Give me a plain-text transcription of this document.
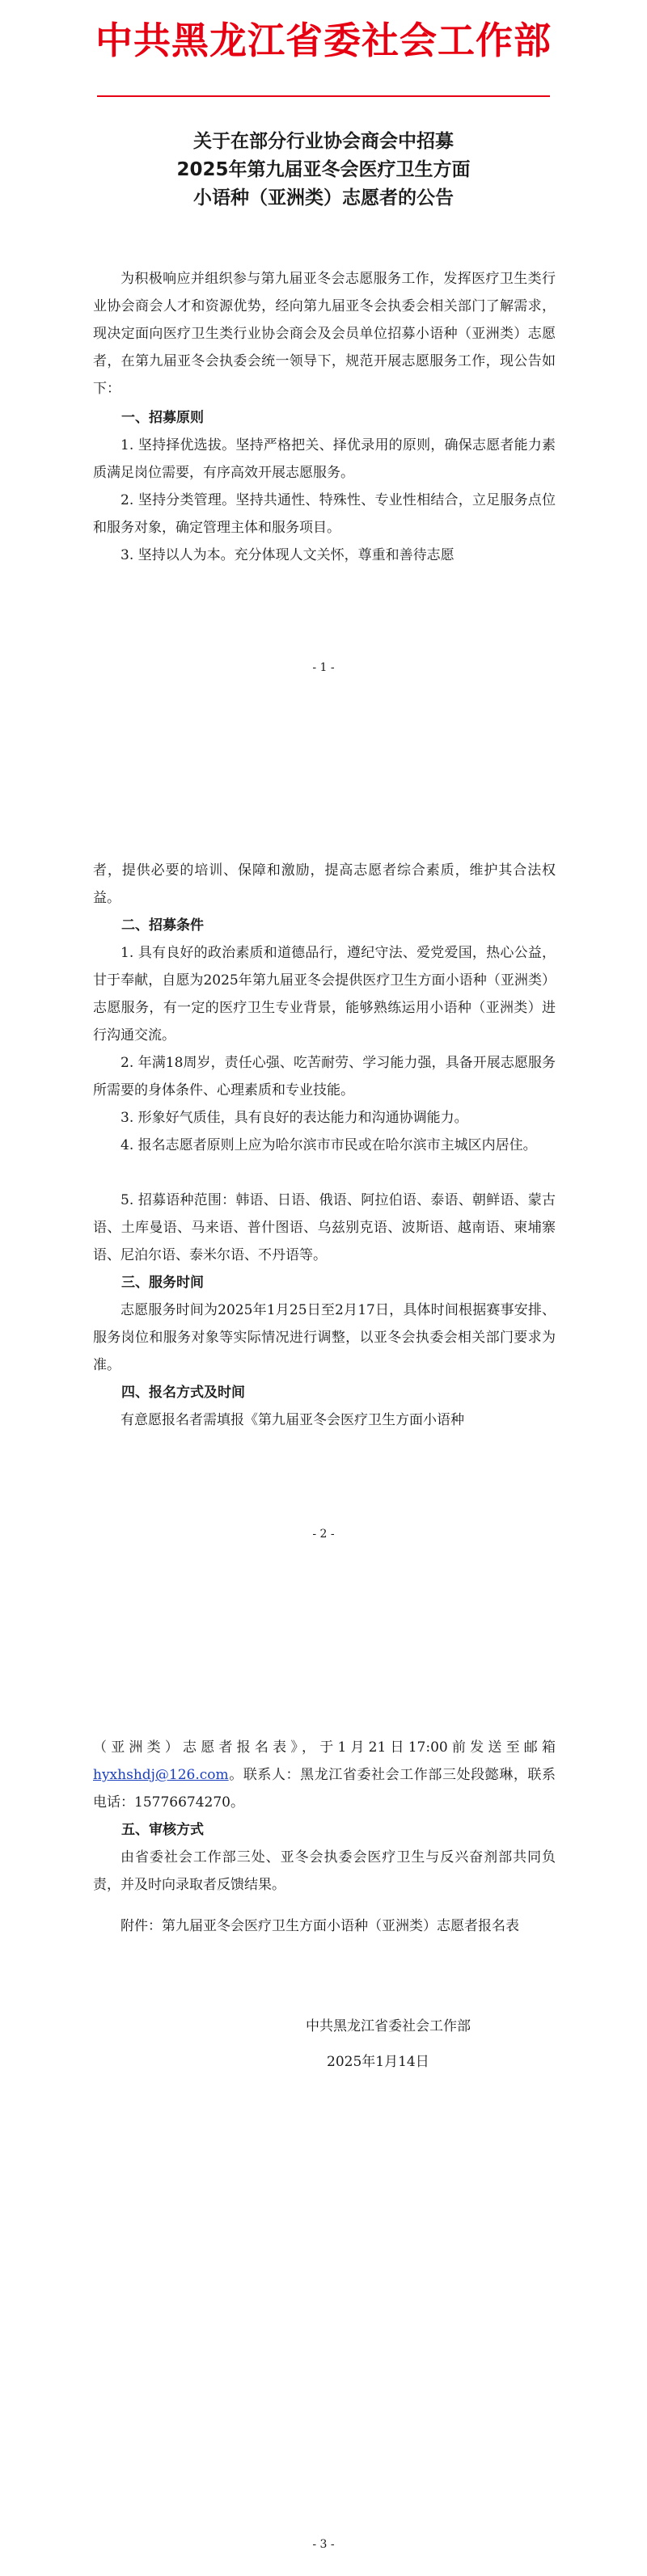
中共黑龙江省委社会工作部
关于在部分行业协会商会中招募
2025年第九届亚冬会医疗卫生方面
小语种（亚洲类）志愿者的公告
为积极响应并组织参与第九届亚冬会志愿服务工作，发挥医疗卫生类行业协会商会人才和资源优势，经向第九届亚冬会执委会相关部门了解需求，现决定面向医疗卫生类行业协会商会及会员单位招募小语种（亚洲类）志愿者，在第九届亚冬会执委会统一领导下，规范开展志愿服务工作，现公告如下：
一、招募原则
1. 坚持择优选拔。坚持严格把关、择优录用的原则，确保志愿者能力素质满足岗位需要，有序高效开展志愿服务。
2. 坚持分类管理。坚持共通性、特殊性、专业性相结合，立足服务点位和服务对象，确定管理主体和服务项目。
3. 坚持以人为本。充分体现人文关怀，尊重和善待志愿
- 1 -
者，提供必要的培训、保障和激励，提高志愿者综合素质，维护其合法权益。
二、招募条件
1. 具有良好的政治素质和道德品行，遵纪守法、爱党爱国，热心公益，甘于奉献，自愿为2025年第九届亚冬会提供医疗卫生方面小语种（亚洲类）志愿服务，有一定的医疗卫生专业背景，能够熟练运用小语种（亚洲类）进行沟通交流。
2. 年满18周岁，责任心强、吃苦耐劳、学习能力强，具备开展志愿服务所需要的身体条件、心理素质和专业技能。
3. 形象好气质佳，具有良好的表达能力和沟通协调能力。
4. 报名志愿者原则上应为哈尔滨市市民或在哈尔滨市主城区内居住。
5. 招募语种范围：韩语、日语、俄语、阿拉伯语、泰语、朝鲜语、蒙古语、土库曼语、马来语、普什图语、乌兹别克语、波斯语、越南语、柬埔寨语、尼泊尔语、泰米尔语、不丹语等。
三、服务时间
志愿服务时间为2025年1月25日至2月17日，具体时间根据赛事安排、服务岗位和服务对象等实际情况进行调整，以亚冬会执委会相关部门要求为准。
四、报名方式及时间
有意愿报名者需填报《第九届亚冬会医疗卫生方面小语种
- 2 -
（亚洲类）志愿者报名表》，于1月21日17:00前发送至邮箱hyxhshdj@126.com。联系人：黑龙江省委社会工作部三处段懿琳，联系电话：15776674270。
五、审核方式
由省委社会工作部三处、亚冬会执委会医疗卫生与反兴奋剂部共同负责，并及时向录取者反馈结果。
附件：第九届亚冬会医疗卫生方面小语种（亚洲类）志愿者报名表
中共黑龙江省委社会工作部
2025年1月14日
- 3 -
